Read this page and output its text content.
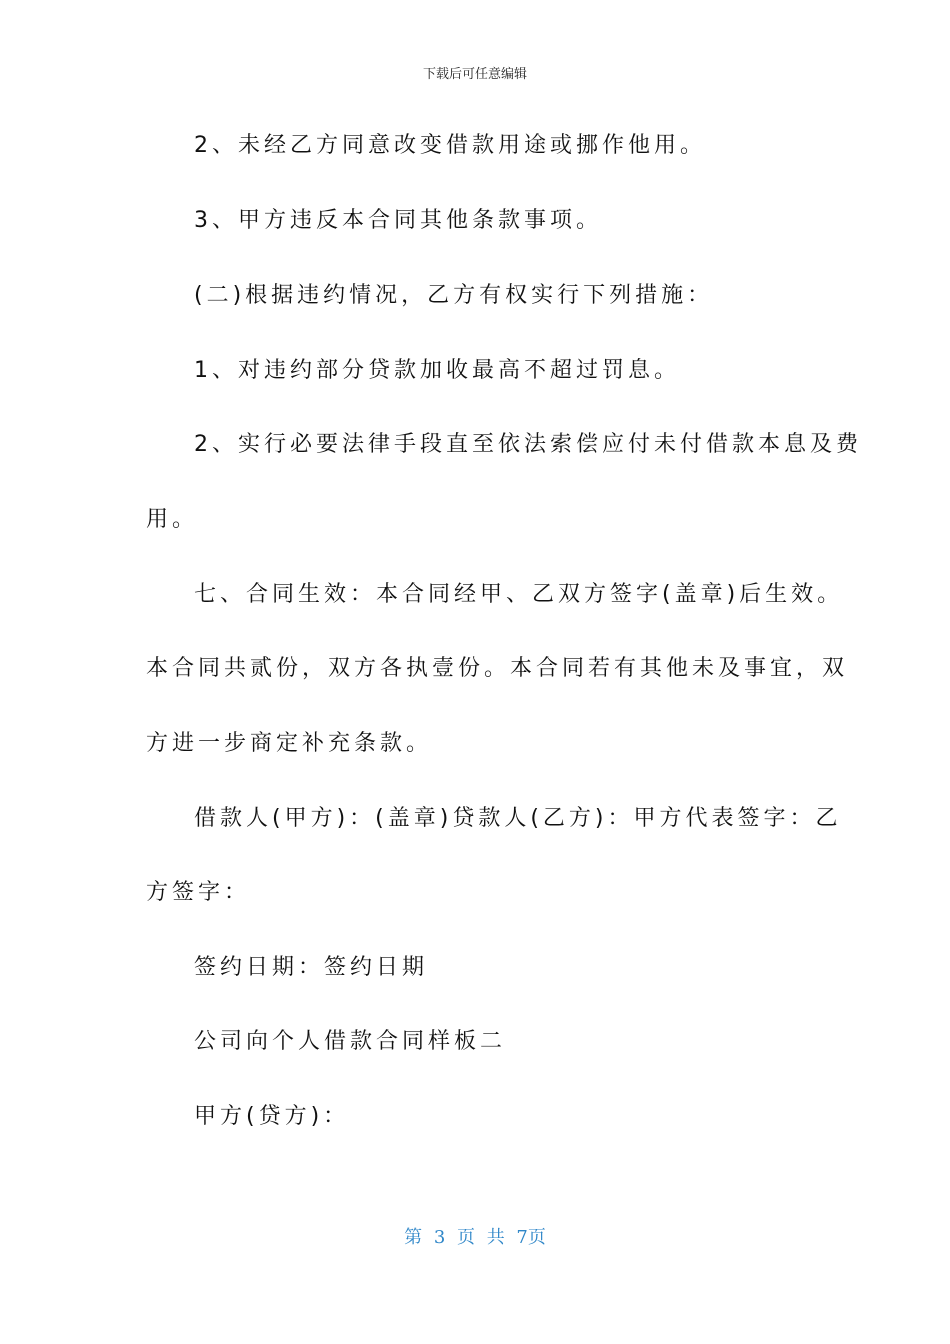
下载后可任意编辑
2、未经乙方同意改变借款用途或挪作他用。
3、甲方违反本合同其他条款事项。
(二)根据违约情况，乙方有权实行下列措施：
1、对违约部分贷款加收最高不超过罚息。
2、实行必要法律手段直至依法索偿应付未付借款本息及费
用。
七、合同生效：本合同经甲、乙双方签字(盖章)后生效。
本合同共贰份，双方各执壹份。本合同若有其他未及事宜，双
方进一步商定补充条款。
借款人(甲方)：(盖章)贷款人(乙方)：甲方代表签字：乙
方签字：
签约日期：签约日期
公司向个人借款合同样板二
甲方(贷方)：
第 3 页 共 7页
